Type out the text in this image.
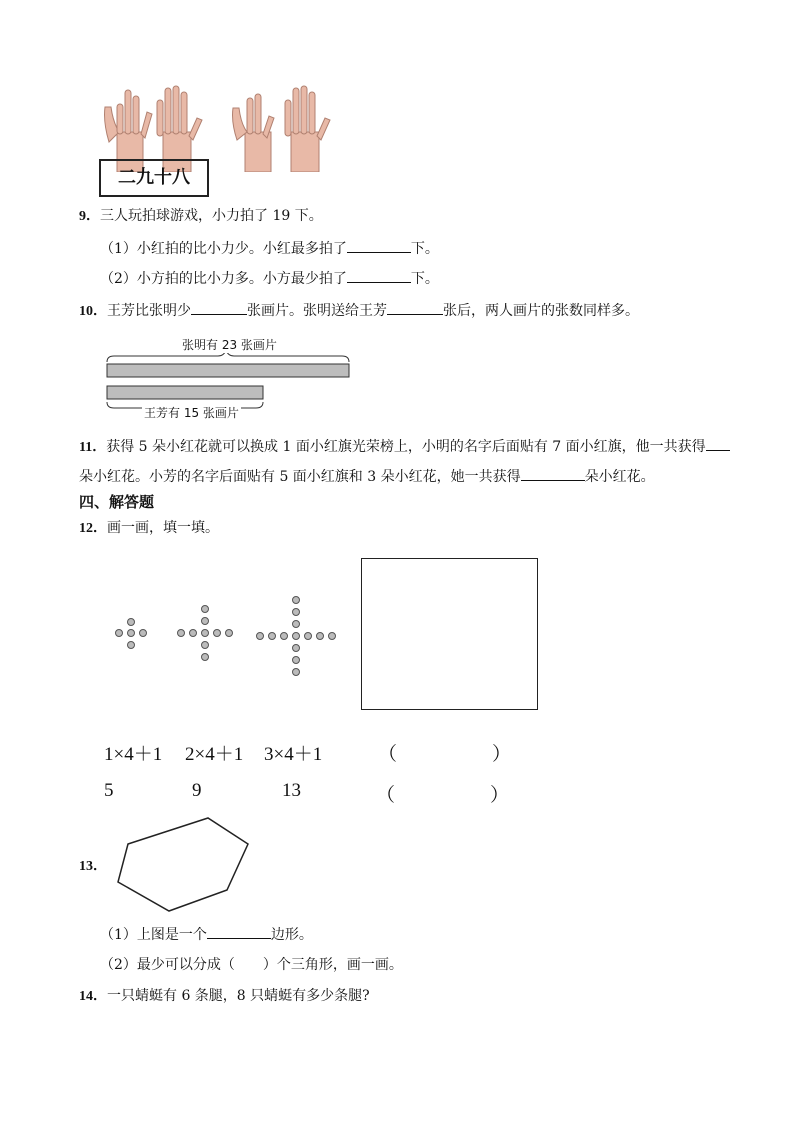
二九十八
9．三人玩拍球游戏，小力拍了 19 下。
（1）小红拍的比小力少。小红最多拍了	下。
（2）小方拍的比小力多。小方最少拍了	下。
10．王芳比张明少	张画片。张明送给王芳	张后，两人画片的张数同样多。
张明有 23 张画片
王芳有 15 张画片
11．获得 5 朵小红花就可以换成 1 面小红旗光荣榜上，小明的名字后面贴有 7 面小红旗，他一共获得
朵小红花。小芳的名字后面贴有 5 面小红旗和 3 朵小红花，她一共获得	朵小红花。
四、解答题
12．画一画，填一填。
1×4＋1 2×4＋1 3×4＋1	（　　　　　）
5	9	13	（　　　　　）
13．
（1）上图是一个	边形。
（2）最少可以分成（　　）个三角形，画一画。
14．一只蜻蜓有 6 条腿，8 只蜻蜓有多少条腿?
